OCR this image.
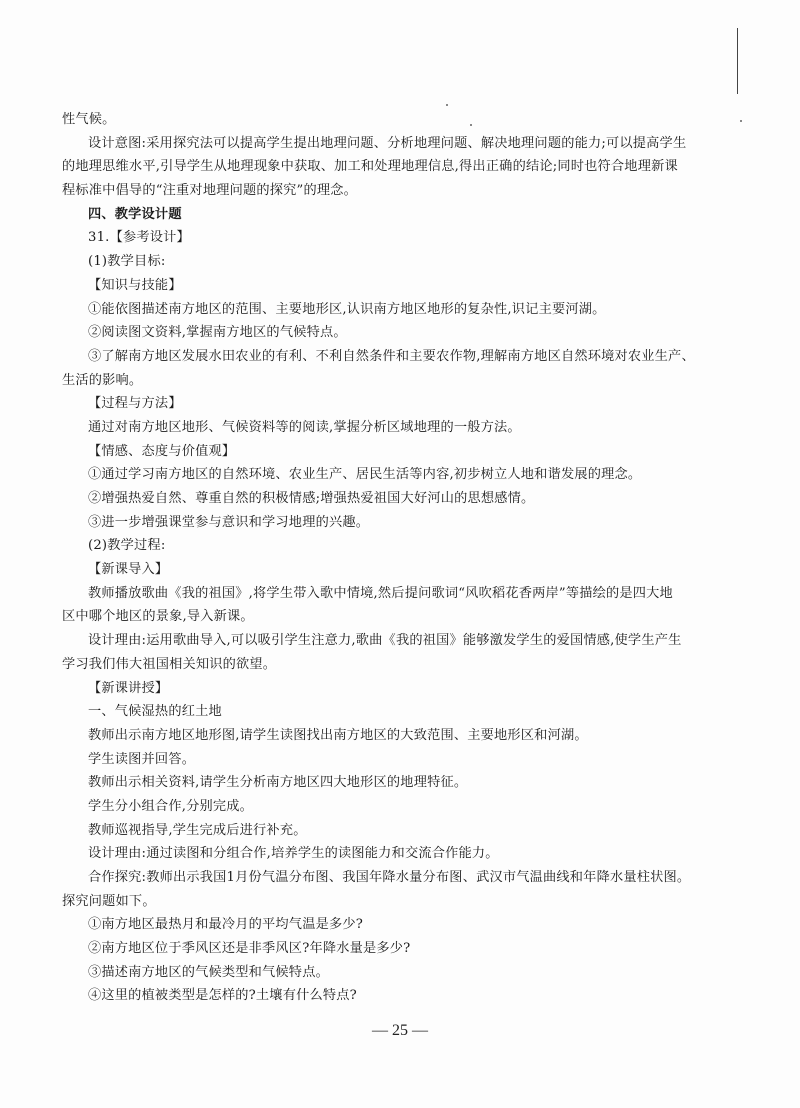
性气候。
设计意图:采用探究法可以提高学生提出地理问题、分析地理问题、解决地理问题的能力;可以提高学生
的地理思维水平,引导学生从地理现象中获取、加工和处理地理信息,得出正确的结论;同时也符合地理新课
程标准中倡导的“注重对地理问题的探究”的理念。
四、教学设计题
31.【参考设计】
(1)教学目标:
【知识与技能】
①能依图描述南方地区的范围、主要地形区,认识南方地区地形的复杂性,识记主要河湖。
②阅读图文资料,掌握南方地区的气候特点。
③了解南方地区发展水田农业的有利、不利自然条件和主要农作物,理解南方地区自然环境对农业生产、
生活的影响。
【过程与方法】
通过对南方地区地形、气候资料等的阅读,掌握分析区域地理的一般方法。
【情感、态度与价值观】
①通过学习南方地区的自然环境、农业生产、居民生活等内容,初步树立人地和谐发展的理念。
②增强热爱自然、尊重自然的积极情感;增强热爱祖国大好河山的思想感情。
③进一步增强课堂参与意识和学习地理的兴趣。
(2)教学过程:
【新课导入】
教师播放歌曲《我的祖国》,将学生带入歌中情境,然后提问歌词“风吹稻花香两岸”等描绘的是四大地
区中哪个地区的景象,导入新课。
设计理由:运用歌曲导入,可以吸引学生注意力,歌曲《我的祖国》能够激发学生的爱国情感,使学生产生
学习我们伟大祖国相关知识的欲望。
【新课讲授】
一、气候湿热的红土地
教师出示南方地区地形图,请学生读图找出南方地区的大致范围、主要地形区和河湖。
学生读图并回答。
教师出示相关资料,请学生分析南方地区四大地形区的地理特征。
学生分小组合作,分别完成。
教师巡视指导,学生完成后进行补充。
设计理由:通过读图和分组合作,培养学生的读图能力和交流合作能力。
合作探究:教师出示我国1月份气温分布图、我国年降水量分布图、武汉市气温曲线和年降水量柱状图。
探究问题如下。
①南方地区最热月和最冷月的平均气温是多少?
②南方地区位于季风区还是非季风区?年降水量是多少?
③描述南方地区的气候类型和气候特点。
④这里的植被类型是怎样的?土壤有什么特点?
— 25 —
